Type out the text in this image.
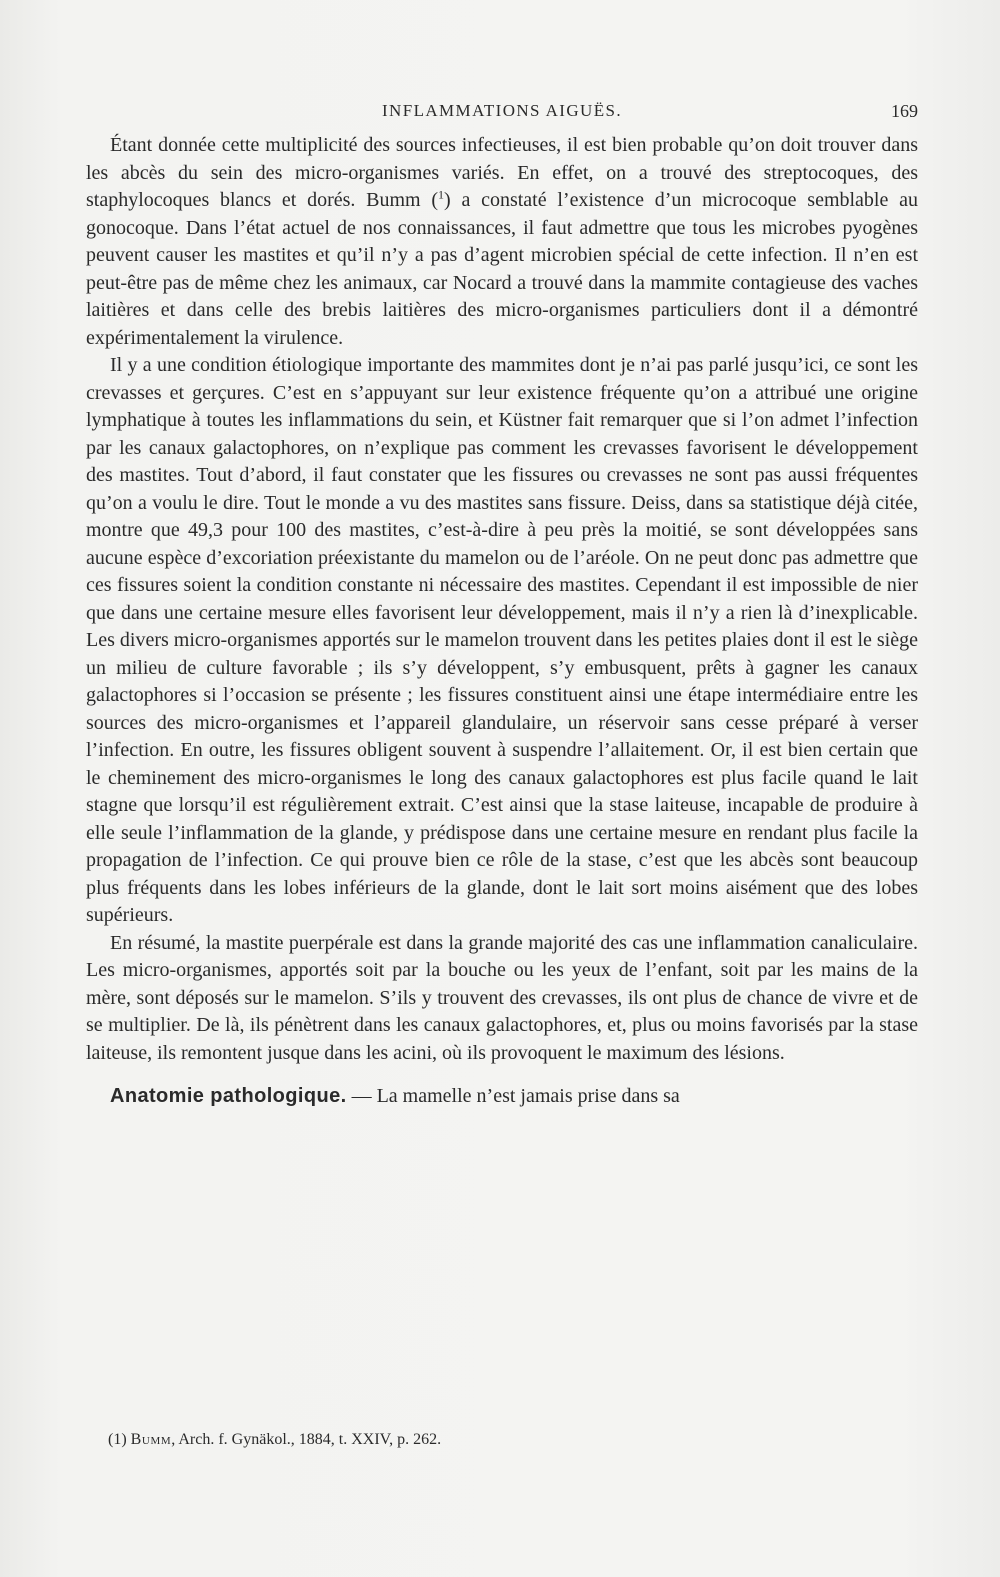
INFLAMMATIONS AIGUËS.	169

Étant donnée cette multiplicité des sources infectieuses, il est bien probable qu’on doit trouver dans les abcès du sein des micro-organismes variés. En effet, on a trouvé des streptocoques, des staphylocoques blancs et dorés. Bumm ($^1$) a constaté l’existence d’un microcoque semblable au gonocoque. Dans l’état actuel de nos connaissances, il faut admettre que tous les microbes pyogènes peuvent causer les mastites et qu’il n’y a pas d’agent microbien spécial de cette infection. Il n’en est peut-être pas de même chez les animaux, car Nocard a trouvé dans la mammite contagieuse des vaches laitières et dans celle des brebis laitières des micro-organismes particuliers dont il a démontré expérimentalement la virulence.

Il y a une condition étiologique importante des mammites dont je n’ai pas parlé jusqu’ici, ce sont les crevasses et gerçures. C’est en s’appuyant sur leur existence fréquente qu’on a attribué une origine lymphatique à toutes les inflammations du sein, et Küstner fait remarquer que si l’on admet l’infection par les canaux galactophores, on n’explique pas comment les crevasses favorisent le développement des mastites. Tout d’abord, il faut constater que les fissures ou crevasses ne sont pas aussi fréquentes qu’on a voulu le dire. Tout le monde a vu des mastites sans fissure. Deiss, dans sa statistique déjà citée, montre que 49,3 pour 100 des mastites, c’est-à-dire à peu près la moitié, se sont développées sans aucune espèce d’excoriation préexistante du mamelon ou de l’aréole. On ne peut donc pas admettre que ces fissures soient la condition constante ni nécessaire des mastites. Cependant il est impossible de nier que dans une certaine mesure elles favorisent leur développement, mais il n’y a rien là d’inexplicable. Les divers micro-organismes apportés sur le mamelon trouvent dans les petites plaies dont il est le siège un milieu de culture favorable ; ils s’y développent, s’y embusquent, prêts à gagner les canaux galactophores si l’occasion se présente ; les fissures constituent ainsi une étape intermédiaire entre les sources des micro-organismes et l’appareil glandulaire, un réservoir sans cesse préparé à verser l’infection. En outre, les fissures obligent souvent à suspendre l’allaitement. Or, il est bien certain que le cheminement des micro-organismes le long des canaux galactophores est plus facile quand le lait stagne que lorsqu’il est régulièrement extrait. C’est ainsi que la stase laiteuse, incapable de produire à elle seule l’inflammation de la glande, y prédispose dans une certaine mesure en rendant plus facile la propagation de l’infection. Ce qui prouve bien ce rôle de la stase, c’est que les abcès sont beaucoup plus fréquents dans les lobes inférieurs de la glande, dont le lait sort moins aisément que des lobes supérieurs.

En résumé, la mastite puerpérale est dans la grande majorité des cas une inflammation canaliculaire. Les micro-organismes, apportés soit par la bouche ou les yeux de l’enfant, soit par les mains de la mère, sont déposés sur le mamelon. S’ils y trouvent des crevasses, ils ont plus de chance de vivre et de se multiplier. De là, ils pénètrent dans les canaux galactophores, et, plus ou moins favorisés par la stase laiteuse, ils remontent jusque dans les acini, où ils provoquent le maximum des lésions.

Anatomie pathologique. — La mamelle n’est jamais prise dans sa

(1) Bumm, Arch. f. Gynäkol., 1884, t. XXIV, p. 262.
